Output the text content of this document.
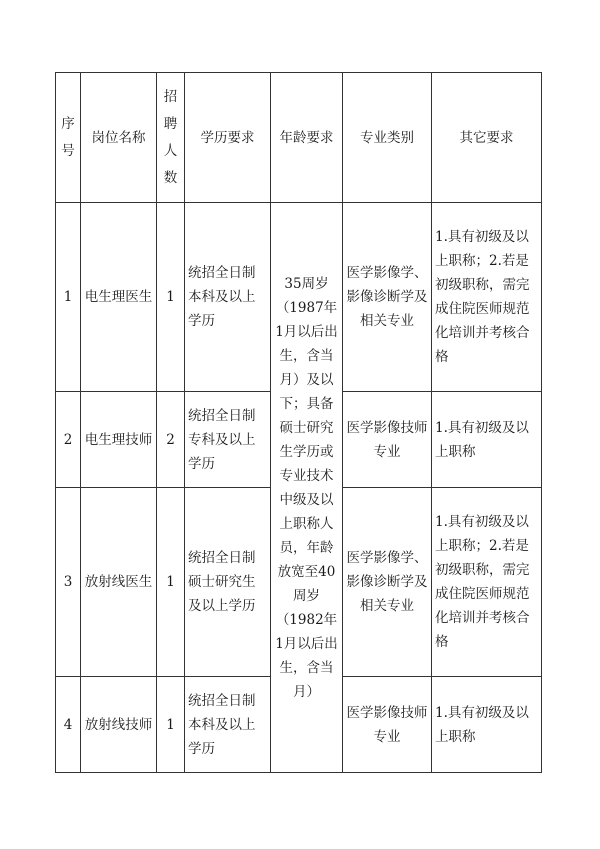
序号	岗位名称	招聘人数	学历要求	年龄要求	专业类别	其它要求
1	电生理医生	1	统招全日制本科及以上学历	35周岁（1987年1月以后出生，含当月）及以下；具备硕士研究生学历或专业技术中级及以上职称人员，年龄放宽至40周岁（1982年1月以后出生，含当月）	医学影像学、影像诊断学及相关专业	1.具有初级及以上职称；2.若是初级职称，需完成住院医师规范化培训并考核合格
2	电生理技师	2	统招全日制专科及以上学历		医学影像技师专业	1.具有初级及以上职称
3	放射线医生	1	统招全日制硕士研究生及以上学历		医学影像学、影像诊断学及相关专业	1.具有初级及以上职称；2.若是初级职称，需完成住院医师规范化培训并考核合格
4	放射线技师	1	统招全日制本科及以上学历		医学影像技师专业	1.具有初级及以上职称
